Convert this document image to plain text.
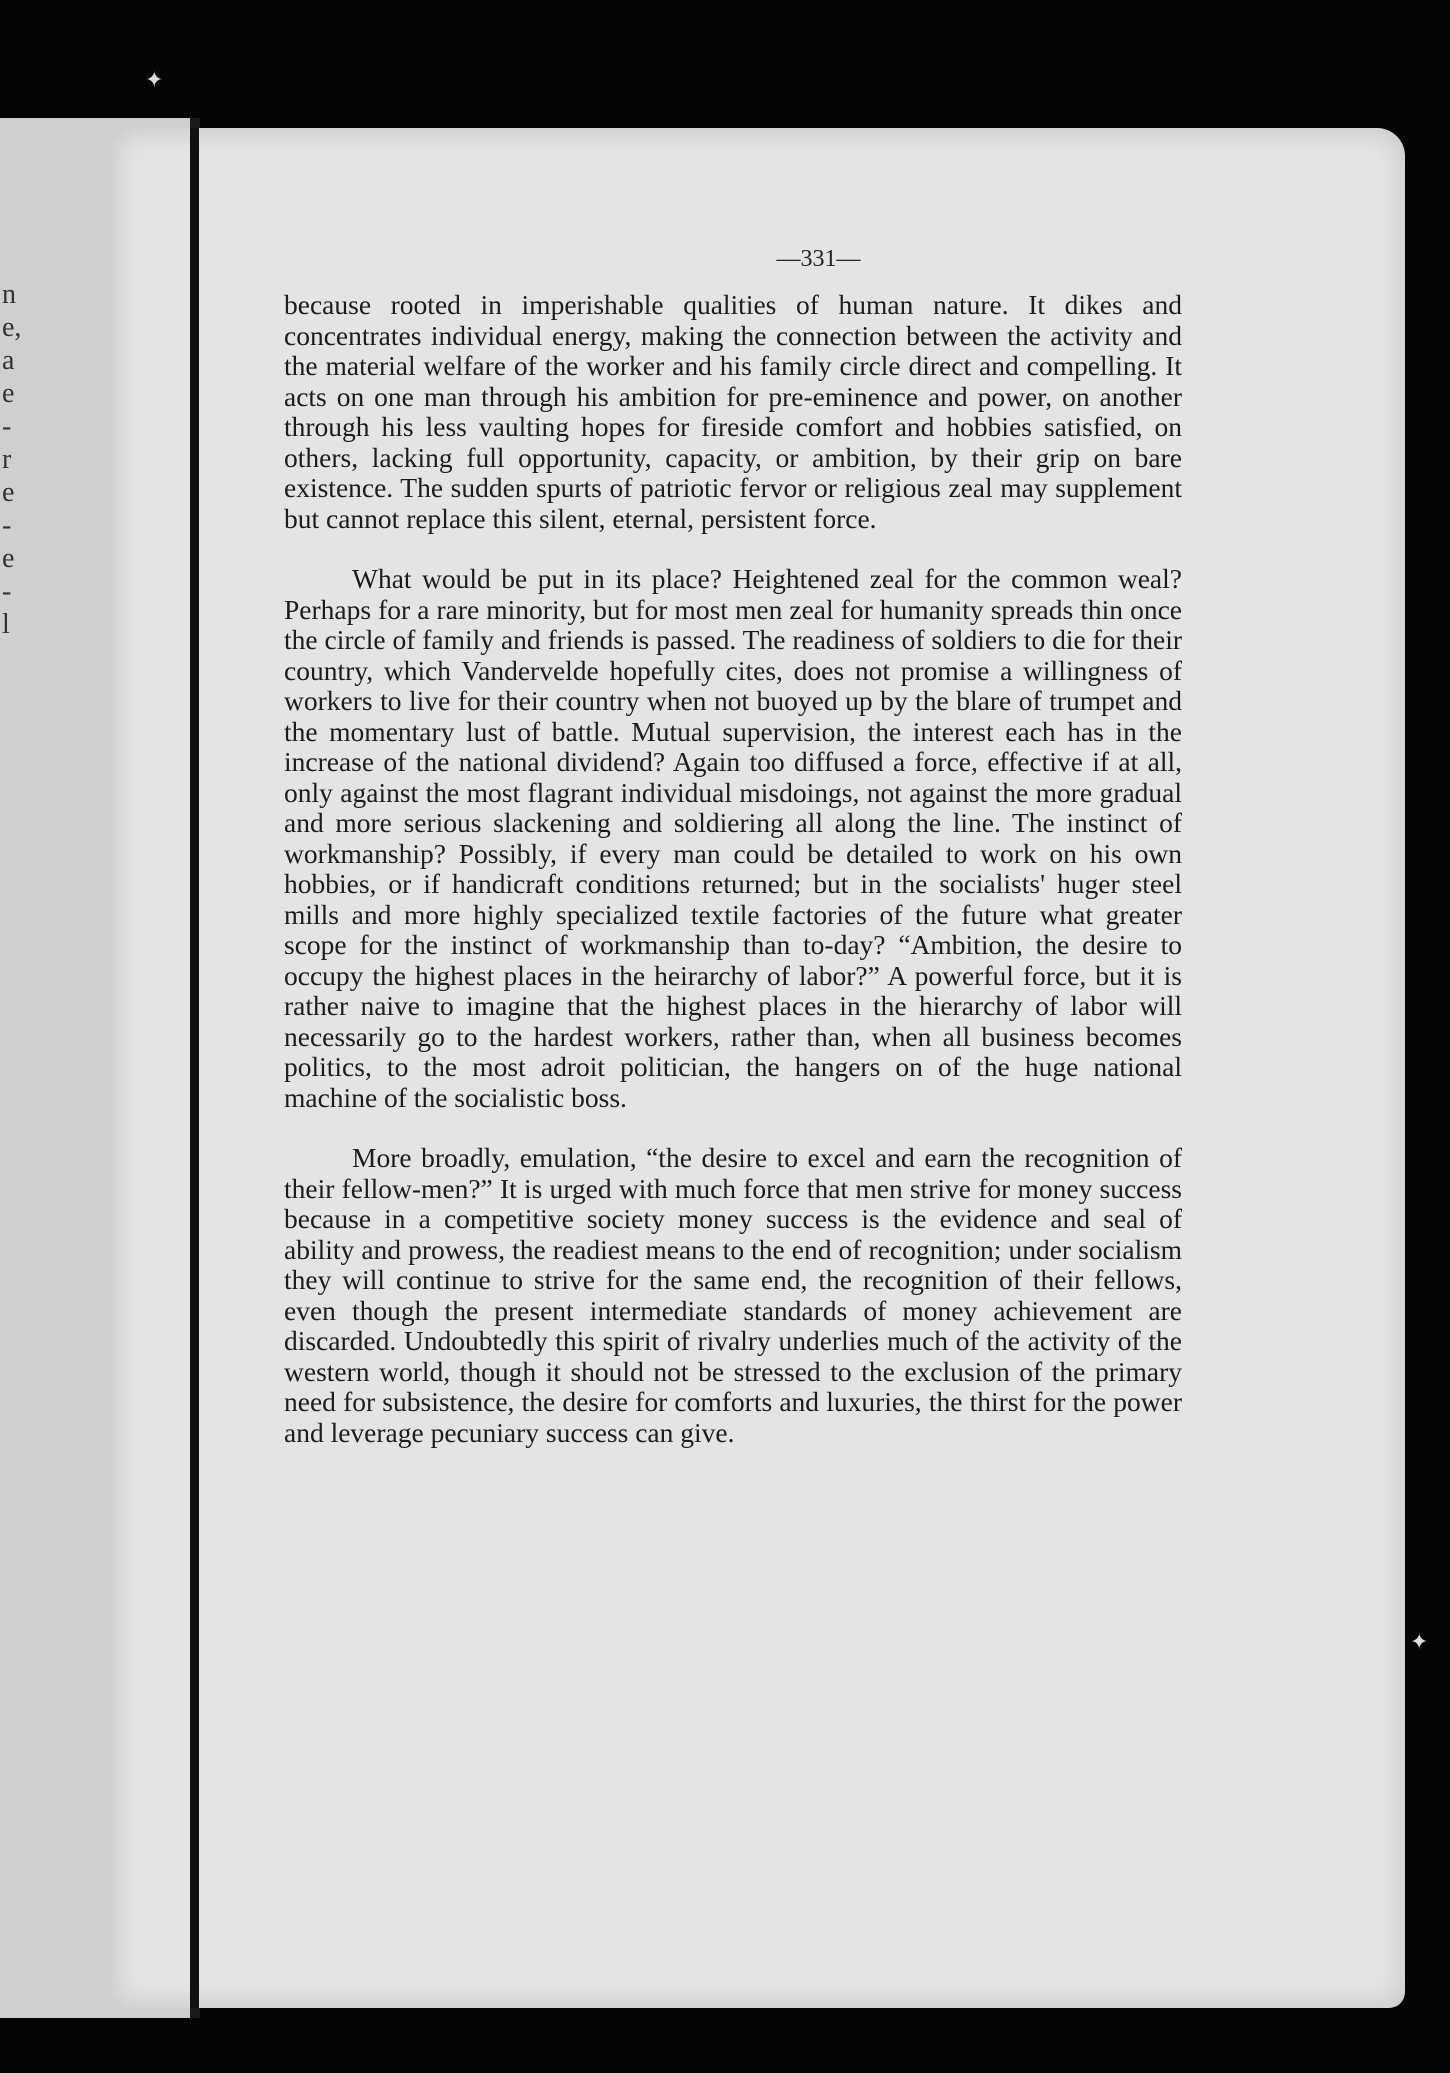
n
e,
a
e
-
r
e
-
e
-
l
—331—

because rooted in imperishable qualities of human nature. It dikes and concentrates individual energy, making the connection between the activity and the material welfare of the worker and his family circle direct and compelling. It acts on one man through his ambition for pre-eminence and power, on another through his less vaulting hopes for fireside comfort and hobbies satisfied, on others, lacking full opportunity, capacity, or ambition, by their grip on bare existence. The sudden spurts of patriotic fervor or religious zeal may supplement but cannot replace this silent, eternal, persistent force.

What would be put in its place? Heightened zeal for the common weal? Perhaps for a rare minority, but for most men zeal for humanity spreads thin once the circle of family and friends is passed. The readiness of soldiers to die for their country, which Vandervelde hopefully cites, does not promise a willingness of workers to live for their country when not buoyed up by the blare of trumpet and the momentary lust of battle. Mutual supervision, the interest each has in the increase of the national dividend? Again too diffused a force, effective if at all, only against the most flagrant individual misdoings, not against the more gradual and more serious slackening and soldiering all along the line. The instinct of workmanship? Possibly, if every man could be detailed to work on his own hobbies, or if handicraft conditions returned; but in the socialists' huger steel mills and more highly specialized textile factories of the future what greater scope for the instinct of workmanship than to-day? “Ambition, the desire to occupy the highest places in the heirarchy of labor?” A powerful force, but it is rather naive to imagine that the highest places in the hierarchy of labor will necessarily go to the hardest workers, rather than, when all business becomes politics, to the most adroit politician, the hangers on of the huge national machine of the socialistic boss.

More broadly, emulation, “the desire to excel and earn the recognition of their fellow-men?” It is urged with much force that men strive for money success because in a competitive society money success is the evidence and seal of ability and prowess, the readiest means to the end of recognition; under socialism they will continue to strive for the same end, the recognition of their fellows, even though the present intermediate standards of money achievement are discarded. Undoubtedly this spirit of rivalry underlies much of the activity of the western world, though it should not be stressed to the exclusion of the primary need for subsistence, the desire for comforts and luxuries, the thirst for the power and leverage pecuniary success can give.

✦
✦
